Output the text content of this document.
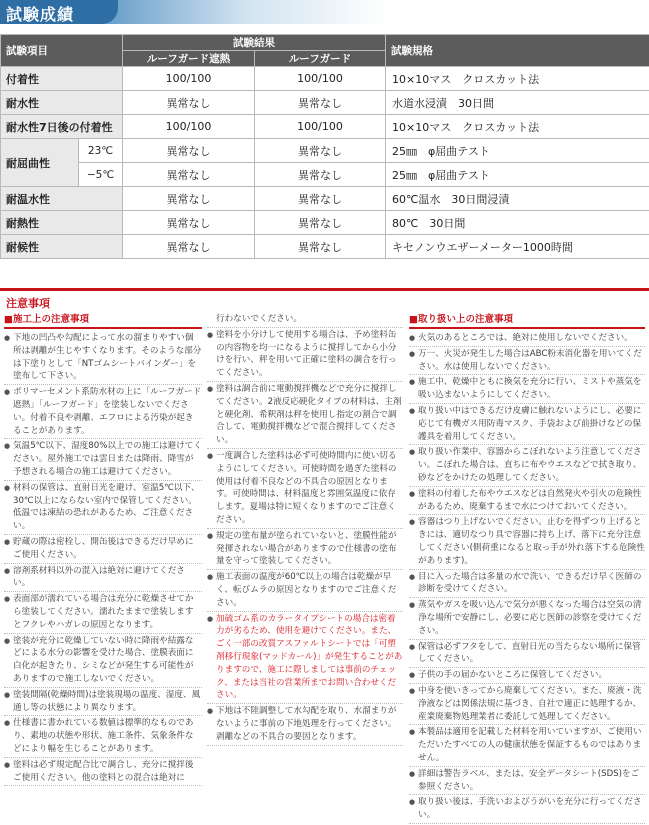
試験成績
試験項目		試験結果		試験規格
		ルーフガード遮熱	ルーフガード	
付着性		100/100	100/100	10×10マス　クロスカット法
耐水性		異常なし	異常なし	水道水浸漬　30日間
耐水性7日後の付着性		100/100	100/100	10×10マス　クロスカット法
耐屈曲性	23℃	異常なし	異常なし	25㎜　φ屈曲テスト
	−5℃	異常なし	異常なし	25㎜　φ屈曲テスト
耐温水性		異常なし	異常なし	60℃温水　30日間浸漬
耐熱性		異常なし	異常なし	80℃　30日間
耐候性		異常なし	異常なし	キセノンウエザーメーター1000時間
注意事項
■施工上の注意事項
● 下地の凹凸や勾配によって水の溜まりやすい個所は剥離が生じやすくなります。そのような部分は下塗りとして「NTゴムシートバインダー」を塗布して下さい。
● ポリマーセメント系防水材の上に「ルーフガード遮熱」「ルーフガード」を塗装しないでください。付着不良や剥離、エフロによる汚染が起きることがあります。
● 気温5℃以下、湿度80%以上での施工は避けてください。屋外施工では雲日または降雨、降雪が予想される場合の施工は避けてください。
● 材料の保管は、直射日光を避け、室温5℃以下、30℃以上にならない室内で保管してください。低温では凍結の恐れがあるため、ご注意ください。
● 貯蔵の際は密栓し、開缶後はできるだけ早めにご使用ください。
● 溶剤系材料以外の混入は絶対に避けてください。
● 表面部が濡れている場合は充分に乾燥させてから塗装してください。濡れたままで塗装しますとフクレやハガレの原因となります。
● 塗装が充分に乾燥していない時に降雨や結露などによる水分の影響を受けた場合、塗膜表面に白化が起きたり、シミなどが発生する可能性がありますので施工しないでください。
● 塗装間隔(乾燥時間)は塗装現場の温度、湿度、風通し等の状態により異なります。
● 仕様書に書かれている数値は標準的なものであり、素地の状態や形状、施工条件、気象条件などにより幅を生じることがあります。
● 塗料は必ず規定配合比で調合し、充分に撹拌後ご使用ください。他の塗料との混合は絶対に
行わないでください。
● 塗料を小分けして使用する場合は、予め塗料缶の内容物を均一になるように撹拌してから小分けを行い、秤を用いて正確に塗料の調合を行ってください。
● 塗料は調合前に電動撹拌機などで充分に撹拌してください。2液反応硬化タイプの材料は、主剤と硬化剤、希釈剤は秤を使用し指定の割合で調合して、電動撹拌機などで混合撹拌してください。
● 一度調合した塗料は必ず可使時間内に使い切るようにしてください。可使時間を過ぎた塗料の使用は付着不良などの不具合の原因となります。可使時間は、材料温度と雰囲気温度に依存します。夏場は特に短くなりますのでご注意ください。
● 規定の塗布量が塗られていないと、塗膜性能が発揮されない場合がありますので仕様書の塗布量を守って塗装してください。
● 施工表面の温度が60℃以上の場合は乾燥が早く、転びムラの原因となりますのでご注意ください。
● 加硫ゴム系のカラータイプシートの場合は密着力が劣るため、使用を避けてください。また、ごく一部の改質アスファルトシートでは「可塑剤移行現象(マッドカール)」が発生することがありますので、施工に際しましては事前のチェック、または当社の営業所までお問い合わせください。
● 下地は不陸調整して水勾配を取り、水溜まりがないように事前の下地処理を行ってください。剥離などの不具合の要因となります。
■取り扱い上の注意事項
● 火気のあるところでは、絶対に使用しないでください。
● 万一、火災が発生した場合はABC粉末消化器を用いてください。水は使用しないでください。
● 施工中、乾燥中ともに換気を充分に行い、ミストや蒸気を吸い込まないようにしてください。
● 取り扱い中はできるだけ皮膚に触れないようにし、必要に応じて有機ガス用防毒マスク、手袋および前掛けなどの保護具を着用してください。
● 取り扱い作業中、容器からこぼれないよう注意してください。こぼれた場合は、直ちに布やウエスなどで拭き取り、砂などをかけたの処理してください。
● 塗料の付着した布やウエスなどは自然発火や引火の危険性があるため、廃棄するまで水につけておいてください。
● 容器はつり上げないでください。止むを得ずつり上げるときには、適切なつり具で容器に持ち上げ、落下に充分注意してください(側荷重になると取っ手が外れ落下する危険性があります)。
● 目に入った場合は多量の水で洗い、できるだけ早く医師の診断を受けてください。
● 蒸気やガスを吸い込んで気分が悪くなった場合は空気の清浄な場所で安静にし、必要に応じ医師の診察を受けてください。
● 保管は必ずフタをして、直射日光の当たらない場所に保管してください。
● 子供の手の届かないところに保管してください。
● 中身を使いきってから廃棄してください。また、廃液・洗浄液などは関係法規に基づき、自社で適正に処理するか、産業廃棄物処理業者に委託して処理してください。
● 本製品は適用を記載した材料を用いていますが、ご使用いただいたすべての人の健康状態を保証するものではありません。
● 詳細は警告ラベル、または、安全データシート(SDS)をご参照ください。
● 取り扱い後は、手洗いおよびうがいを充分に行ってください。
